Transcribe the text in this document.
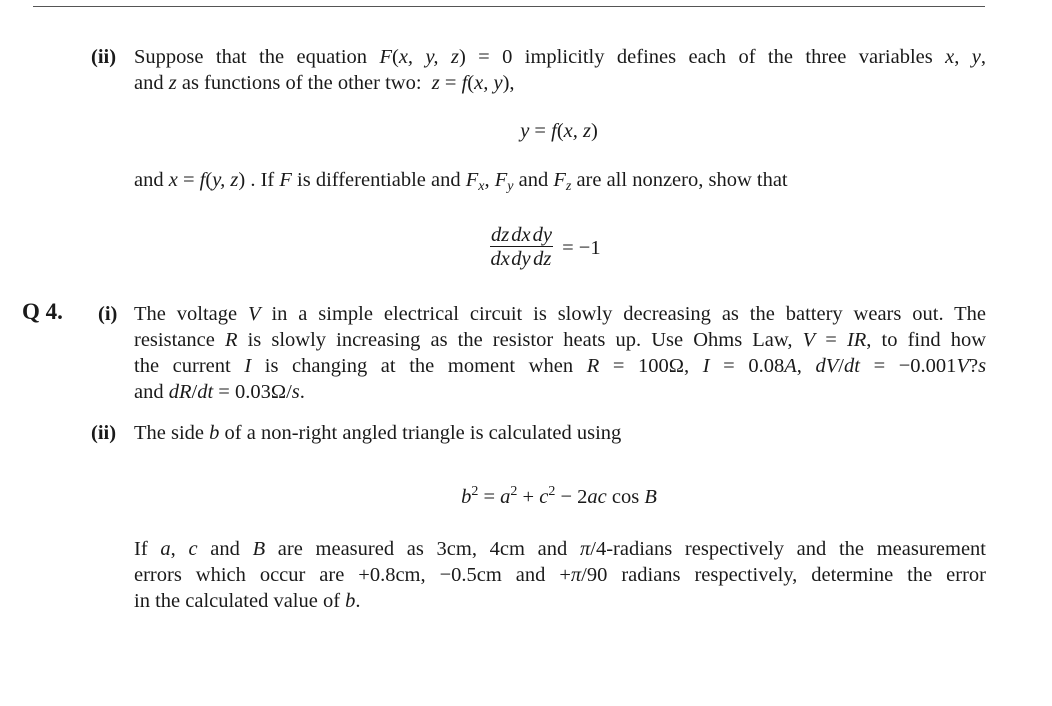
(ii) Suppose that the equation F(x, y, z) = 0 implicitly defines each of the three variables x, y,
and z as functions of the other two:  z = f(x, y),
y = f(x, z)
and x = f(y, z) . If F is differentiable and $F_x$, $F_y$ and $F_z$ are all nonzero, show that
$\frac{dz}{dx} \frac{dx}{dy} \frac{dy}{dz} = -1$
Q 4. (i) The voltage V in a simple electrical circuit is slowly decreasing as the battery wears out. The
resistance R is slowly increasing as the resistor heats up. Use Ohms Law, V = IR, to find how
the current I is changing at the moment when R = 100Ω, I = 0.08A, dV/dt = −0.001V?s
and dR/dt = 0.03Ω/s.
(ii) The side b of a non-right angled triangle is calculated using
$b^2 = a^2 + c^2 - 2ac$ cos B
If a, c and B are measured as 3cm, 4cm and π/4-radians respectively and the measurement
errors which occur are +0.8cm, −0.5cm and +π/90 radians respectively, determine the error
in the calculated value of b.
